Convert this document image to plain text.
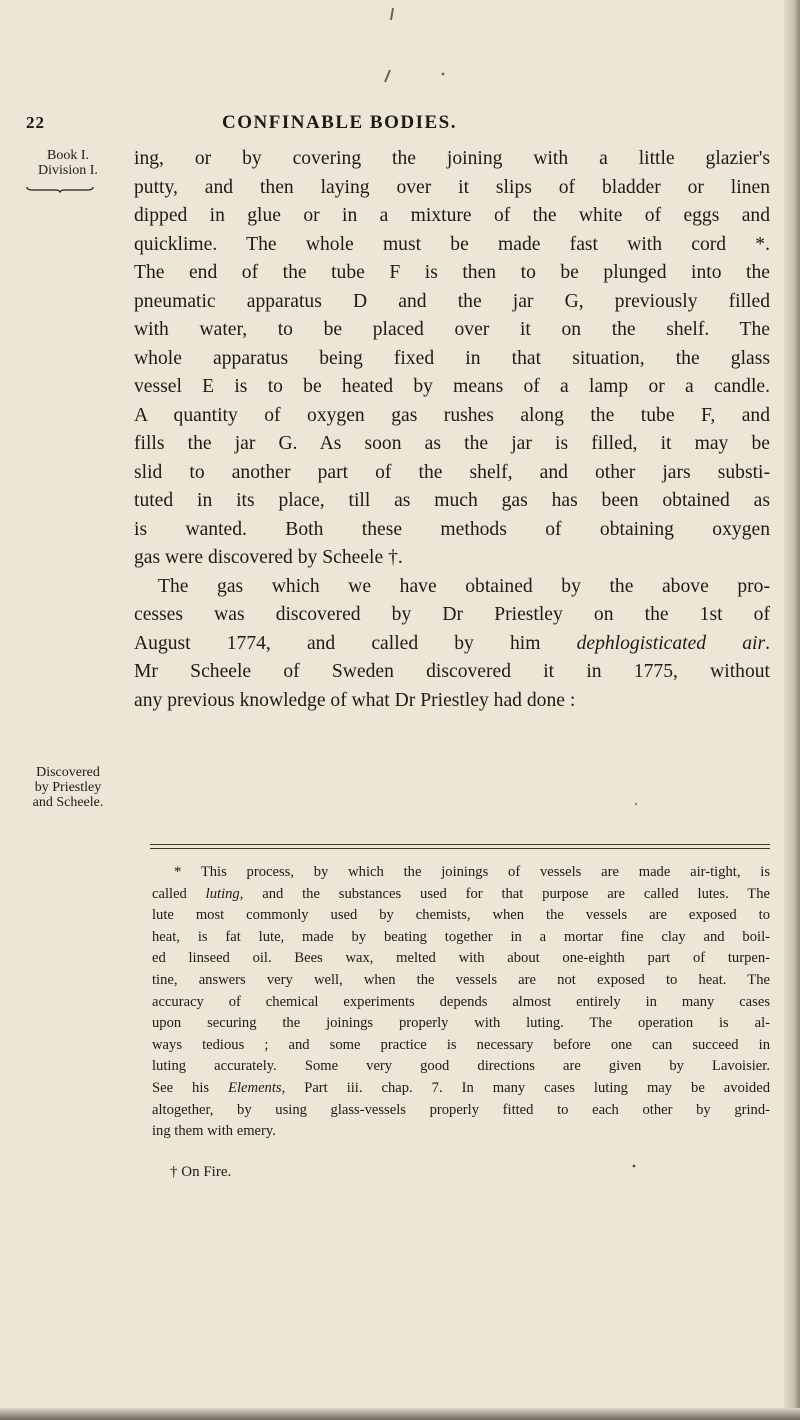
22	CONFINABLE BODIES.
Book I.
Division I.
Discovered
by Priestley
and Scheele.
ing, or by covering the joining with a little glazier's
putty, and then laying over it slips of bladder or linen
dipped in glue or in a mixture of the white of eggs and
quicklime. The whole must be made fast with cord *.
The end of the tube F is then to be plunged into the
pneumatic apparatus D and the jar G, previously filled
with water, to be placed over it on the shelf. The
whole apparatus being fixed in that situation, the glass
vessel E is to be heated by means of a lamp or a candle.
A quantity of oxygen gas rushes along the tube F, and
fills the jar G. As soon as the jar is filled, it may be
slid to another part of the shelf, and other jars substi-
tuted in its place, till as much gas has been obtained as
is wanted. Both these methods of obtaining oxygen
gas were discovered by Scheele †.
The gas which we have obtained by the above pro-
cesses was discovered by Dr Priestley on the 1st of
August 1774, and called by him dephlogisticated air.
Mr Scheele of Sweden discovered it in 1775, without
any previous knowledge of what Dr Priestley had done :
* This process, by which the joinings of vessels are made air-tight, is
called luting, and the substances used for that purpose are called lutes. The
lute most commonly used by chemists, when the vessels are exposed to
heat, is fat lute, made by beating together in a mortar fine clay and boil-
ed linseed oil. Bees wax, melted with about one-eighth part of turpen-
tine, answers very well, when the vessels are not exposed to heat. The
accuracy of chemical experiments depends almost entirely in many cases
upon securing the joinings properly with luting. The operation is al-
ways tedious ; and some practice is necessary before one can succeed in
luting accurately. Some very good directions are given by Lavoisier.
See his Elements, Part iii. chap. 7. In many cases luting may be avoided
altogether, by using glass-vessels properly fitted to each other by grind-
ing them with emery.
† On Fire.
